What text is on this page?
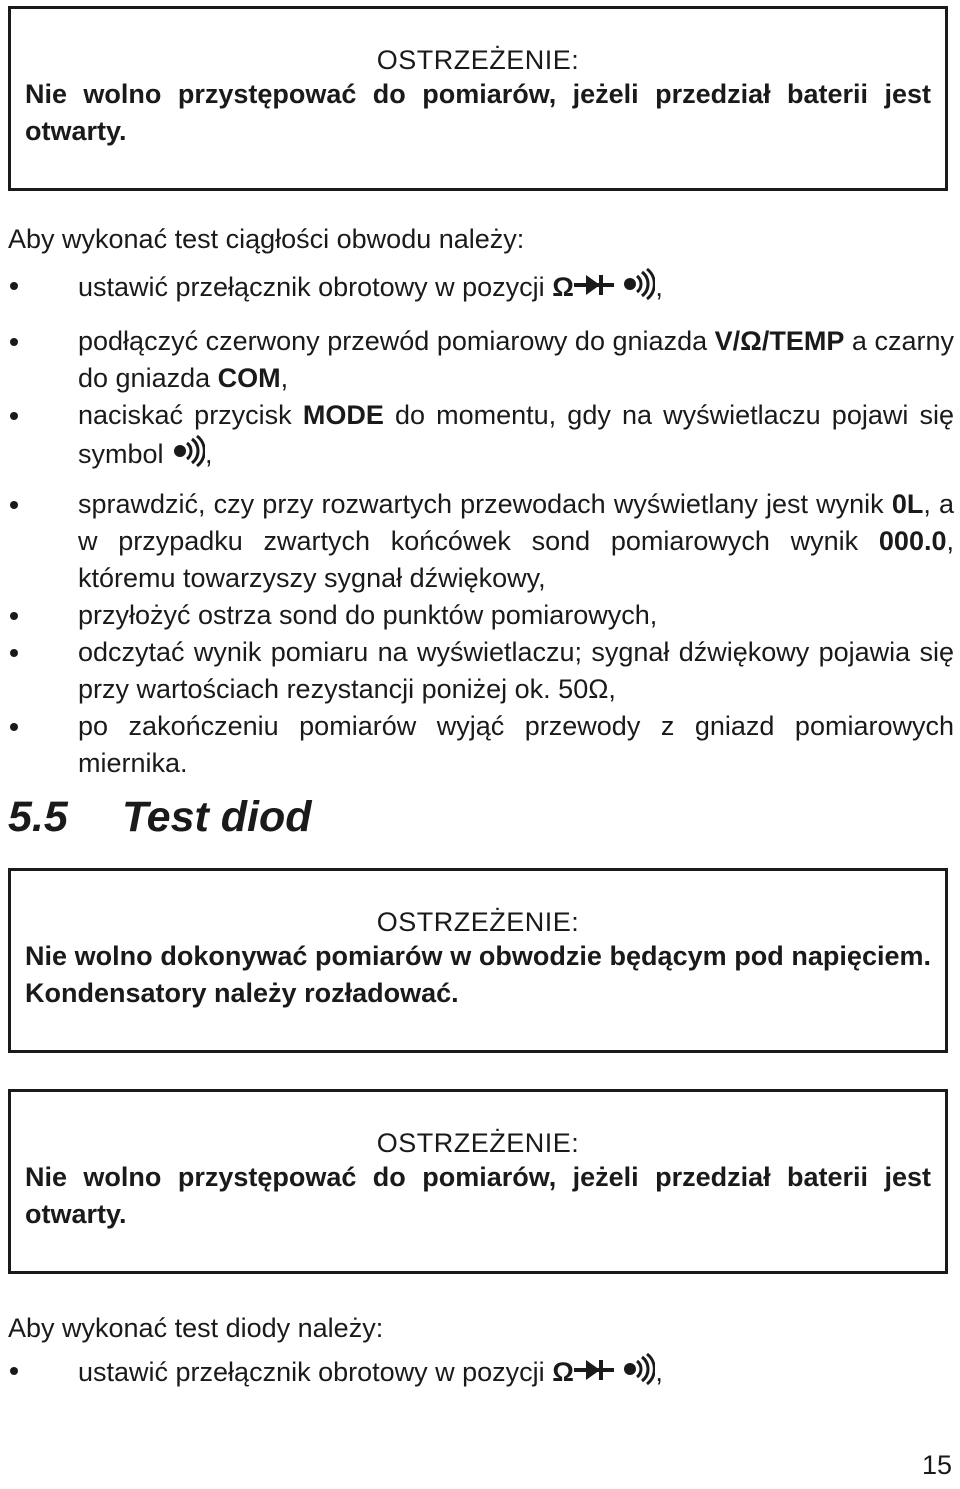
OSTRZEŻENIE:

Nie wolno przystępować do pomiarów, jeżeli przedział baterii jest otwarty.

Aby wykonać test ciągłości obwodu należy:

ustawić przełącznik obrotowy w pozycji Ω	,
podłączyć czerwony przewód pomiarowy do gniazda V/Ω/TEMP a czarny do gniazda COM,
naciskać przycisk MODE do momentu, gdy na wyświetlaczu pojawi się symbol ,
sprawdzić, czy przy rozwartych przewodach wyświetlany jest wynik 0L, a w przypadku zwartych końcówek sond pomiarowych wynik 000.0, któremu towarzyszy sygnał dźwiękowy,
przyłożyć ostrza sond do punktów pomiarowych,
odczytać wynik pomiaru na wyświetlaczu; sygnał dźwiękowy pojawia się przy wartościach rezystancji poniżej ok. 50Ω,
po zakończeniu pomiarów wyjąć przewody z gniazd pomiarowych miernika.
5.5 Test diod

OSTRZEŻENIE:

Nie wolno dokonywać pomiarów w obwodzie będącym pod napięciem. Kondensatory należy rozładować.

OSTRZEŻENIE:

Nie wolno przystępować do pomiarów, jeżeli przedział baterii jest otwarty.

Aby wykonać test diody należy:

ustawić przełącznik obrotowy w pozycji Ω	,
15
